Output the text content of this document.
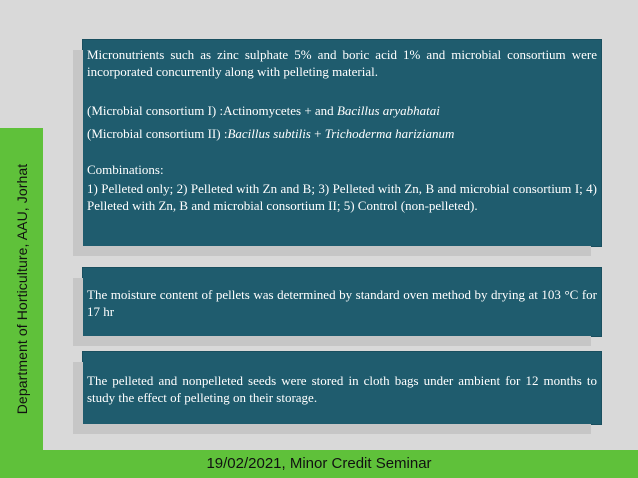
Department of Horticulture, AAU, Jorhat

Micronutrients such as zinc sulphate 5% and boric acid 1% and microbial consortium were incorporated concurrently along with pelleting material.

(Microbial consortium I) :Actinomycetes + and Bacillus aryabhatai

(Microbial consortium II) :Bacillus subtilis + Trichoderma harizianum

Combinations:

1) Pelleted only; 2) Pelleted with Zn and B; 3) Pelleted with Zn, B and microbial consortium I; 4) Pelleted with Zn, B and microbial consortium II; 5) Control (non-pelleted).

The moisture content of pellets was determined by standard oven method by drying at 103 °C for 17 hr

The pelleted and nonpelleted seeds were stored in cloth bags under ambient for 12 months to study the effect of pelleting on their storage.

19/02/2021, Minor Credit Seminar
